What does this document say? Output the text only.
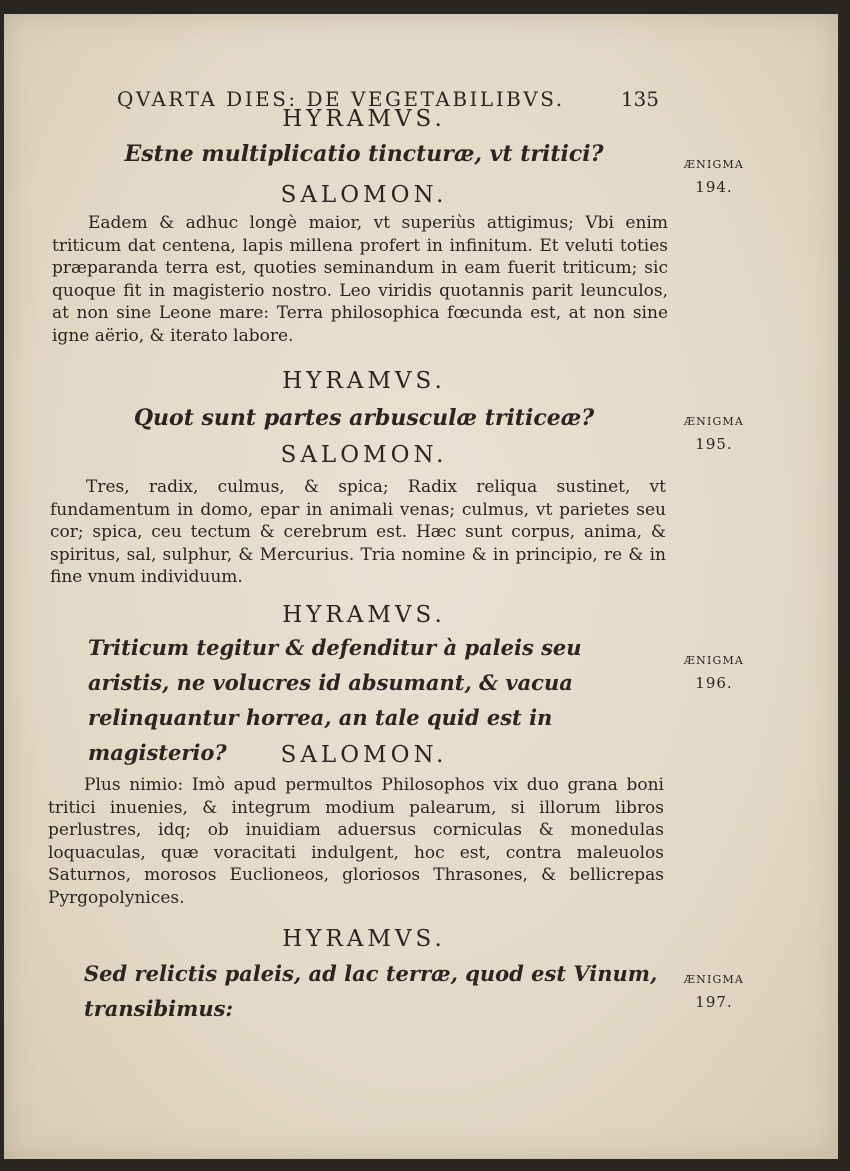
QVARTA DIES: DE VEGETABILIBVS.	135
HYRAMVS.
Estne multiplicatio tincturæ, vt tritici?
SALOMON.

Eadem & adhuc longè maior, vt superiùs attigimus; Vbi enim triticum dat centena, lapis millena profert in infinitum. Et veluti toties præparanda terra est, quoties seminandum in eam fuerit triticum; sic quoque fit in magisterio nostro. Leo viridis quotannis parit leunculos, at non sine Leone mare: Terra philosophica fœcunda est, at non sine igne aërio, & iterato labore.

ÆNIGMA
194.
HYRAMVS.
Quot sunt partes arbusculæ triticeæ?
SALOMON.

Tres, radix, culmus, & spica; Radix reliqua sustinet, vt fundamentum in domo, epar in animali venas; culmus, vt parietes seu cor; spica, ceu tectum & cerebrum est. Hæc sunt corpus, anima, & spiritus, sal, sulphur, & Mercurius. Tria nomine & in principio, re & in fine vnum individuum.

ÆNIGMA
195.
HYRAMVS.
Triticum tegitur & defenditur à paleis seu aristis, ne volucres id absumant, & vacua relinquantur horrea, an tale quid est in magisterio?	SALOMON.

Plus nimio: Imò apud permultos Philosophos vix duo grana boni tritici inuenies, & integrum modium palearum, si illorum libros perlustres, idq; ob inuidiam aduersus corniculas & monedulas loquaculas, quæ voracitati indulgent, hoc est, contra maleuolos Saturnos, morosos Euclioneos, gloriosos Thrasones, & bellicrepas Pyrgopolynices.

ÆNIGMA
196.
HYRAMVS.
Sed relictis paleis, ad lac terræ, quod est Vinum, transibimus:
ÆNIGMA
197.
